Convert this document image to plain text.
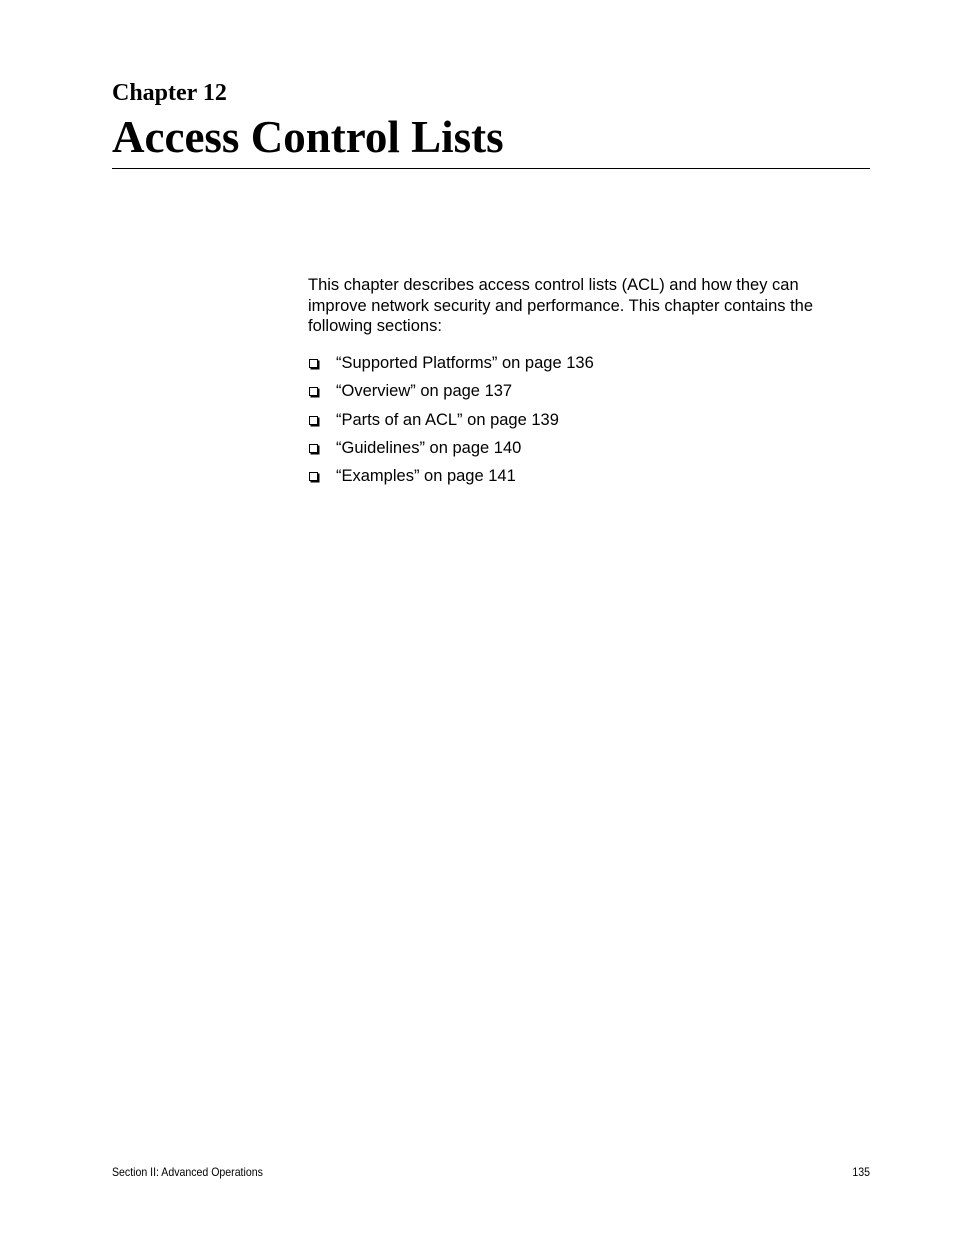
Chapter 12
Access Control Lists

This chapter describes access control lists (ACL) and how they can improve network security and performance. This chapter contains the following sections:

“Supported Platforms” on page 136
“Overview” on page 137
“Parts of an ACL” on page 139
“Guidelines” on page 140
“Examples” on page 141
Section II: Advanced Operations	135
